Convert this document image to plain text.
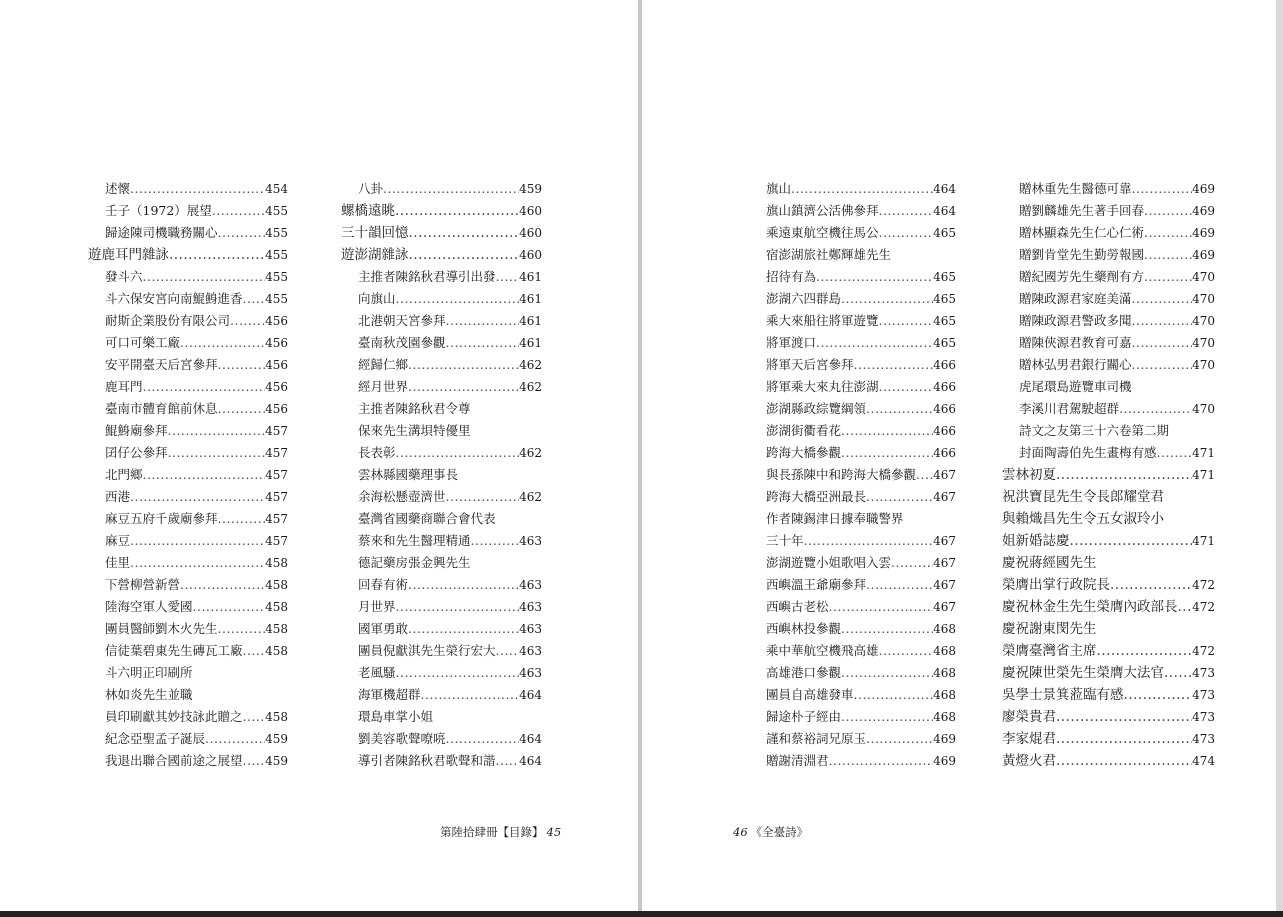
述懷 .....	454
壬子（1972）展望 .....	455
歸途陳司機職務關心 .....	455
遊鹿耳門雜詠 .....	455
發斗六 .....	455
斗六保安宮向南鯤鯓進香 ..... 455
耐斯企業股份有限公司 .....	456
可口可樂工廠 .....	456
安平開臺天后宮參拜 .....	456
鹿耳門 .....	456
臺南市體育館前休息 .....	456
鯤鯓廟參拜 .....	457
囝仔公參拜 .....	457
北門鄉 .....	457
西港 .....	457
麻豆五府千歲廟參拜 .....	457
麻豆 .....	457
佳里 .....	458
下營柳營新營 .....	458
陸海空軍人愛國 .....	458
團員醫師劉木火先生 .....	458
信徒葉碧東先生磚瓦工廠 ..... 458
斗六明正印刷所
林如炎先生並職
員印刷獻其妙技詠此贈之 ..... 458
紀念亞聖孟子誕辰 .....	459
我退出聯合國前途之展望 ..... 459
八卦 .....	459
螺橋遠眺 .....	460
三十韻回憶 .....	460
遊澎湖雜詠 .....	460
主推者陳銘秋君導引出發 ..... 461
向旗山 .....	461
北港朝天宮參拜 .....	461
臺南秋茂園參觀 .....	461
經歸仁鄉 .....	462
經月世界 .....	462
主推者陳銘秋君令尊
保來先生溝垻特優里
長表彰 .....	462
雲林縣國藥理事長
余海松懸壺濟世 .....	462
臺灣省國藥商聯合會代表
蔡來和先生醫理精通 .....	463
德記藥房張金興先生
回春有術 .....	463
月世界 .....	463
國軍勇敢 .....	463
團員倪獻淇先生榮行宏大 ..... 463
老風騷 .....	463
海軍機超群 .....	464
環島車掌小姐
劉美容歌聲嘹喨 .....	464
導引者陳銘秋君歌聲和諧 ..... 464
第陸拾肆冊【目錄】 45
旗山 .....	464
旗山鎮濟公活佛參拜 .....	464
乘遠東航空機往馬公 .....	465
宿澎湖旅社鄭輝雄先生
招待有為 .....	465
澎湖六四群島 .....	465
乘大來船往將軍遊覽 .....	465
將軍渡口 .....	465
將軍天后宮參拜 .....	466
將軍乘大來丸往澎湖 .....	466
澎湖縣政綜覽綱領 .....	466
澎湖街衢看花 .....	466
跨海大橋參觀 .....	466
與長孫陳中和跨海大橋參觀 ..... 467
跨海大橋亞洲最長 .....	467
作者陳錫津日據奉職警界
三十年 .....	467
澎湖遊覽小姐歌唱入雲 .....	467
西嶼溫王爺廟參拜 .....	467
西嶼古老松 .....	467
西嶼林投參觀 .....	468
乘中華航空機飛高雄 .....	468
高雄港口參觀 .....	468
團員自高雄發車 .....	468
歸途朴子經由 .....	468
謹和蔡裕詞兄原玉 .....	469
贈謝清淵君 .....	469
贈林重先生醫德可靠 .....	469
贈劉麟雄先生著手回春 .....	469
贈林顯森先生仁心仁術 .....	469
贈劉肯堂先生勤勞報國 .....	469
贈紀國芳先生藥劑有方 .....	470
贈陳政源君家庭美滿 .....	470
贈陳政源君警政多聞 .....	470
贈陳俠源君教育可嘉 .....	470
贈林弘男君銀行關心 .....	470
虎尾環島遊覽車司機
李溪川君駕駛超群 .....	470
詩文之友第三十六卷第二期
封面陶壽伯先生畫梅有感 .....	471
雲林初夏 .....	471
祝洪寶昆先生令長郎耀堂君
與賴熾昌先生令五女淑玲小
姐新婚誌慶 .....	471
慶祝蔣經國先生
榮膺出掌行政院長 .....	472
慶祝林金生先生榮膺內政部長 ..... 472
慶祝謝東閔先生
榮膺臺灣省主席 .....	472
慶祝陳世榮先生榮膺大法官 ..... 473
吳學士景箕蒞臨有感 .....	473
廖榮貴君 .....	473
李家焜君 .....	473
黃燈火君 .....	474
46 《全臺詩》
